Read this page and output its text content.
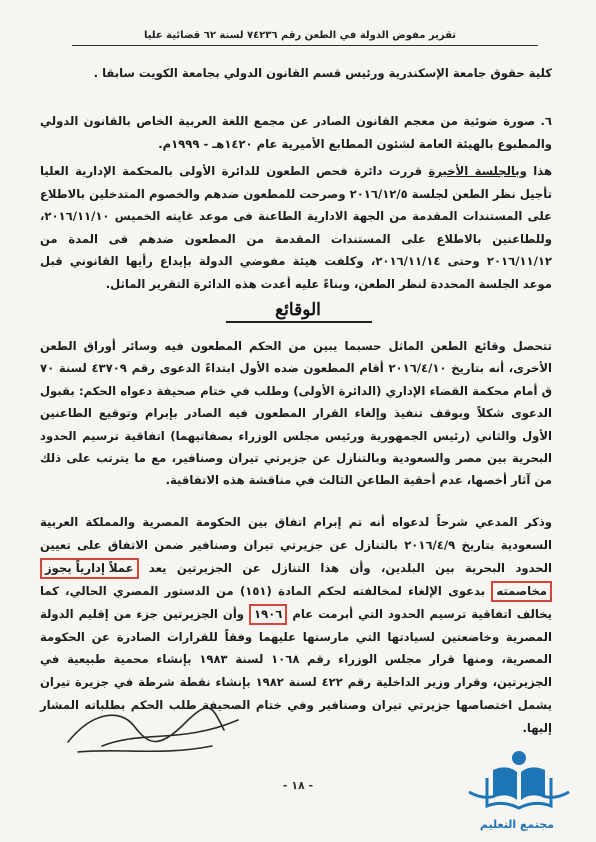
تقرير مفوض الدولة في الطعن رقم ٧٤٢٣٦ لسنة ٦٢ قضائية عليا

كلية حقوق جامعة الإسكندرية ورئيس قسم القانون الدولي بجامعة الكويت سابقا .

٦. صورة ضوئية من معجم القانون الصادر عن مجمع اللغة العربية الخاص بالقانون الدولي والمطبوع بالهيئة العامة لشئون المطابع الأميرية عام ١٤٢٠هـ - ١٩٩٩م.

هذا وبالجلسة الأخيرة قررت دائرة فحص الطعون للدائرة الأولى بالمحكمة الإدارية العليا تأجيل نظر الطعن لجلسة ٢٠١٦/١٢/٥ وصرحت للمطعون ضدهم والخصوم المتدخلين بالاطلاع على المستندات المقدمة من الجهة الادارية الطاعنة فى موعد غايته الخميس ٢٠١٦/١١/١٠، وللطاعنين بالاطلاع على المستندات المقدمة من المطعون ضدهم فى المدة من ٢٠١٦/١١/١٢ وحتى ٢٠١٦/١١/١٤، وكلفت هيئة مفوضي الدولة بإيداع رأيها القانوني قبل موعد الجلسة المحددة لنظر الطعن، وبناءً عليه أعدت هذه الدائرة التقرير الماثل.

الوقائع

تتحصل وقائع الطعن الماثل حسبما يبين من الحكم المطعون فيه وسائر أوراق الطعن الأخرى، أنه بتاريخ ٢٠١٦/٤/١٠ أقام المطعون ضده الأول ابتداءً الدعوى رقم ٤٣٧٠٩ لسنة ٧٠ ق أمام محكمة القضاء الإداري (الدائرة الأولى) وطلب في ختام صحيفة دعواه الحكم: بقبول الدعوى شكلاً وبوقف تنفيذ وإلغاء القرار المطعون فيه الصادر بإبرام وتوقيع الطاعنين الأول والثاني (رئيس الجمهورية ورئيس مجلس الوزراء بصفاتيهما) اتفاقية ترسيم الحدود البحرية بين مصر والسعودية وبالتنازل عن جزيرتي تيران وصنافير، مع ما يترتب على ذلك من آثار أخصها، عدم أحقية الطاعن الثالث في مناقشة هذه الاتفاقية.

وذكر المدعي شرحاً لدعواه أنه تم إبرام اتفاق بين الحكومة المصرية والمملكة العربية السعودية بتاريخ ٢٠١٦/٤/٩ بالتنازل عن جزيرتي تيران وصنافير ضمن الاتفاق على تعيين الحدود البحرية بين البلدين، وأن هذا التنازل عن الجزيرتين يعد عملاً إدارياً يجوز مخاصمته بدعوى الإلغاء لمخالفته لحكم المادة (١٥١) من الدستور المصري الحالي، كما يخالف اتفاقية ترسيم الحدود التي أبرمت عام ١٩٠٦ وأن الجزيرتين جزء من إقليم الدولة المصرية وخاضعتين لسيادتها التي مارستها عليهما وفقاً للقرارات الصادرة عن الحكومة المصرية، ومنها قرار مجلس الوزراء رقم ١٠٦٨ لسنة ١٩٨٣ بإنشاء محمية طبيعية في الجزيرتين، وقرار وزير الداخلية رقم ٤٢٢ لسنة ١٩٨٢ بإنشاء نقطة شرطة في جزيرة تيران يشمل اختصاصها جزيرتي تيران وصنافير وفي ختام الصحيفة طلب الحكم بطلباته المشار إليها.

- ١٨ -
مجتمع التعليم
